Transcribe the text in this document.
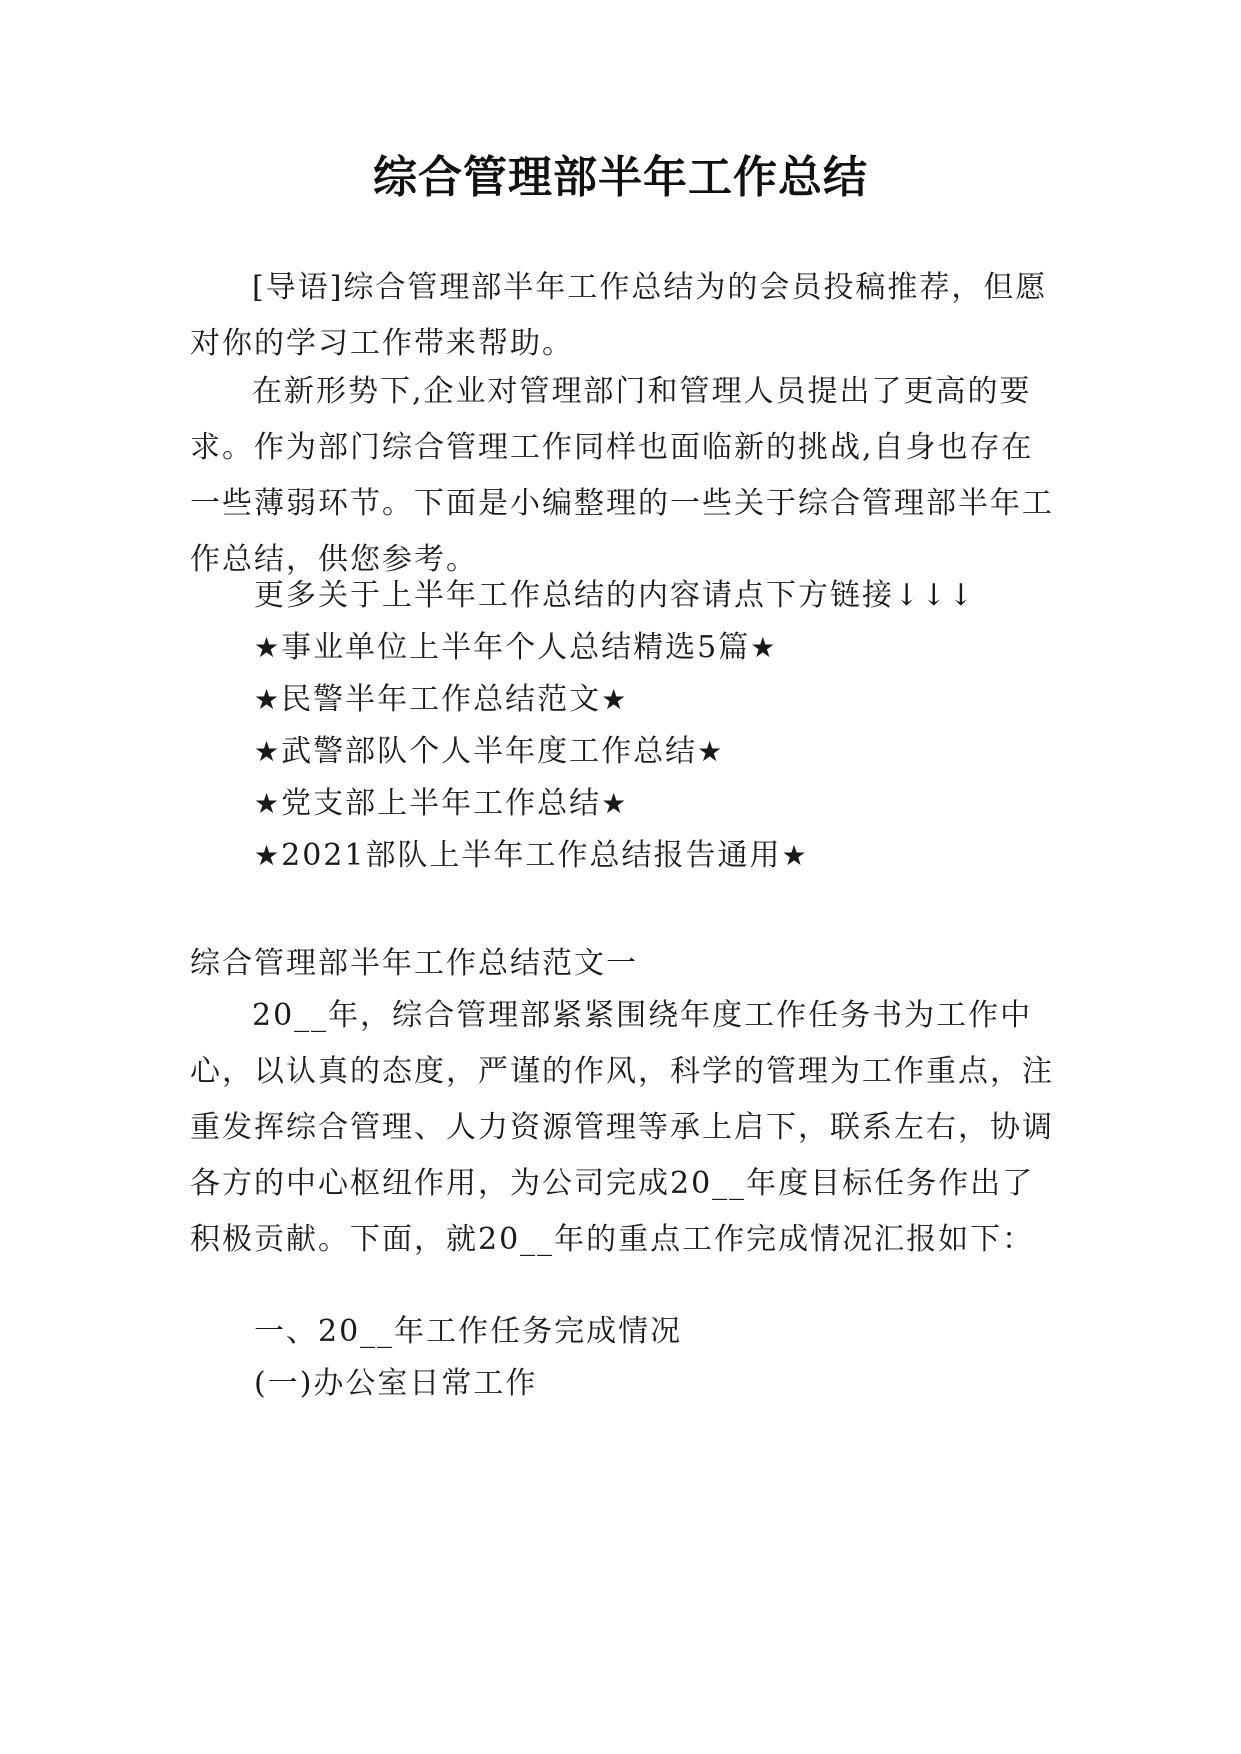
综合管理部半年工作总结

[导语]综合管理部半年工作总结为的会员投稿推荐，但愿对你的学习工作带来帮助。

在新形势下,企业对管理部门和管理人员提出了更高的要求。作为部门综合管理工作同样也面临新的挑战,自身也存在一些薄弱环节。下面是小编整理的一些关于综合管理部半年工作总结，供您参考。

更多关于上半年工作总结的内容请点下方链接↓↓↓
★事业单位上半年个人总结精选5篇★
★民警半年工作总结范文★
★武警部队个人半年度工作总结★
★党支部上半年工作总结★
★2021部队上半年工作总结报告通用★
综合管理部半年工作总结范文一

20__年，综合管理部紧紧围绕年度工作任务书为工作中心，以认真的态度，严谨的作风，科学的管理为工作重点，注重发挥综合管理、人力资源管理等承上启下，联系左右，协调各方的中心枢纽作用，为公司完成20__年度目标任务作出了积极贡献。下面，就20__年的重点工作完成情况汇报如下：

一、20__年工作任务完成情况
(一)办公室日常工作
